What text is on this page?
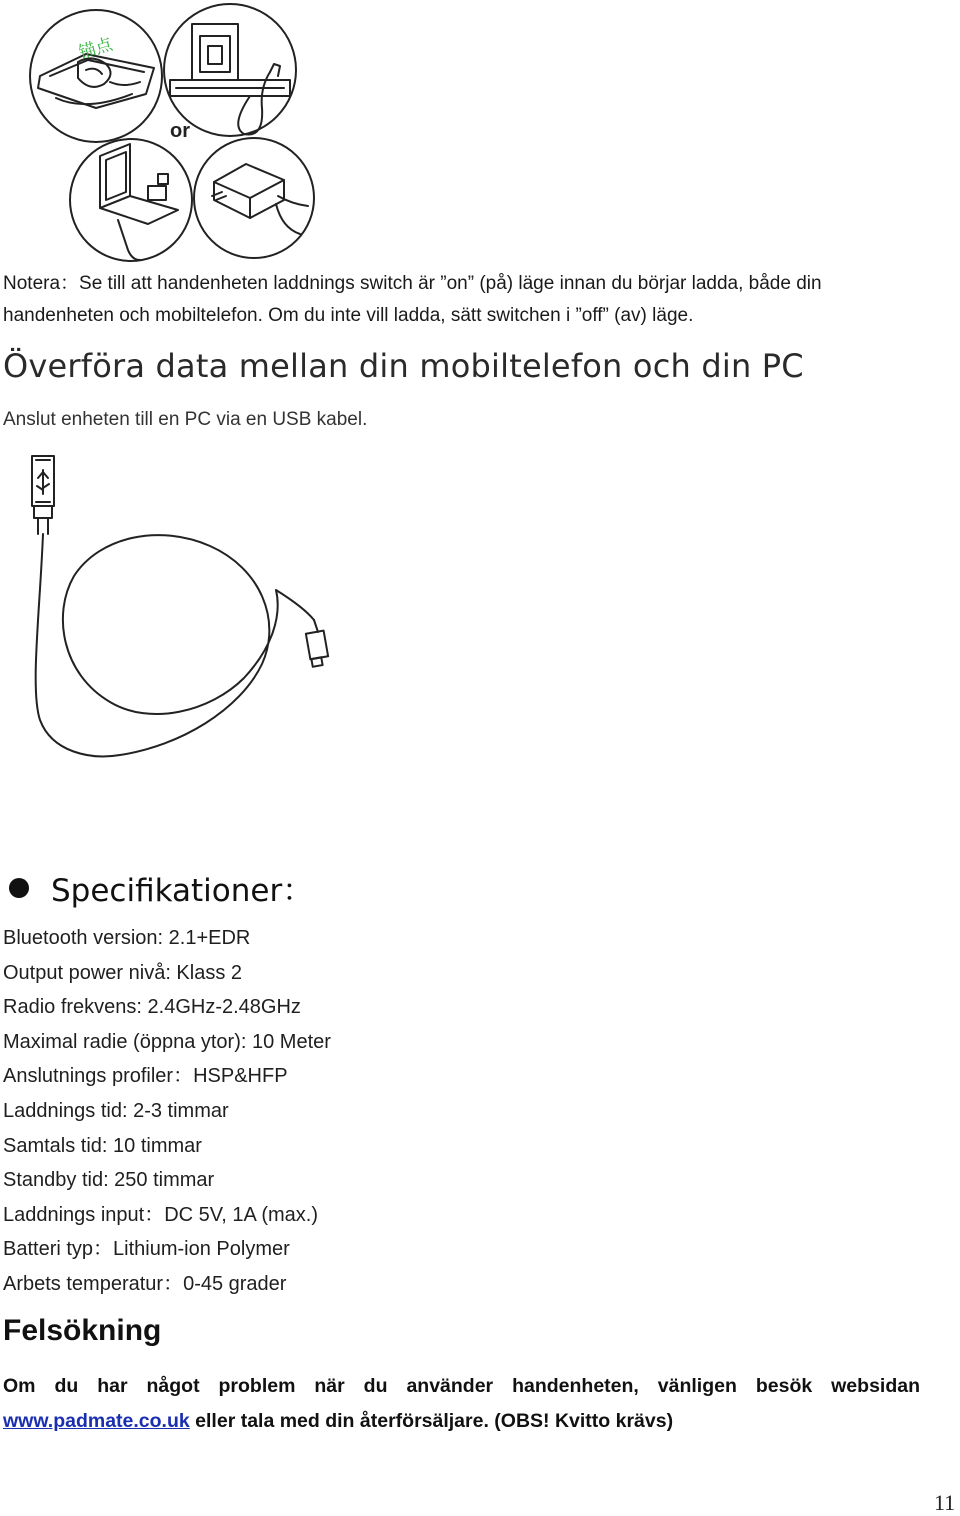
锚点
or
Notera：Se till att handenheten laddnings switch är ”on” (på) läge innan du börjar ladda, både din
handenheten och mobiltelefon. Om du inte vill ladda, sätt switchen i ”off” (av) läge.
Överföra data mellan din mobiltelefon och din PC
Anslut enheten till en PC via en USB kabel.
Specifikationer：
Bluetooth version: 2.1+EDR
Output power nivå: Klass 2
Radio frekvens: 2.4GHz-2.48GHz
Maximal radie (öppna ytor): 10 Meter
Anslutnings profiler：HSP&HFP
Laddnings tid: 2-3 timmar
Samtals tid: 10 timmar
Standby tid: 250 timmar
Laddnings input：DC 5V, 1A (max.)
Batteri typ：Lithium-ion Polymer
Arbets temperatur：0-45 grader
Felsökning
Om du har något problem när du använder handenheten, vänligen besök websidan www.padmate.co.uk eller tala med din återförsäljare. (OBS! Kvitto krävs)
11
